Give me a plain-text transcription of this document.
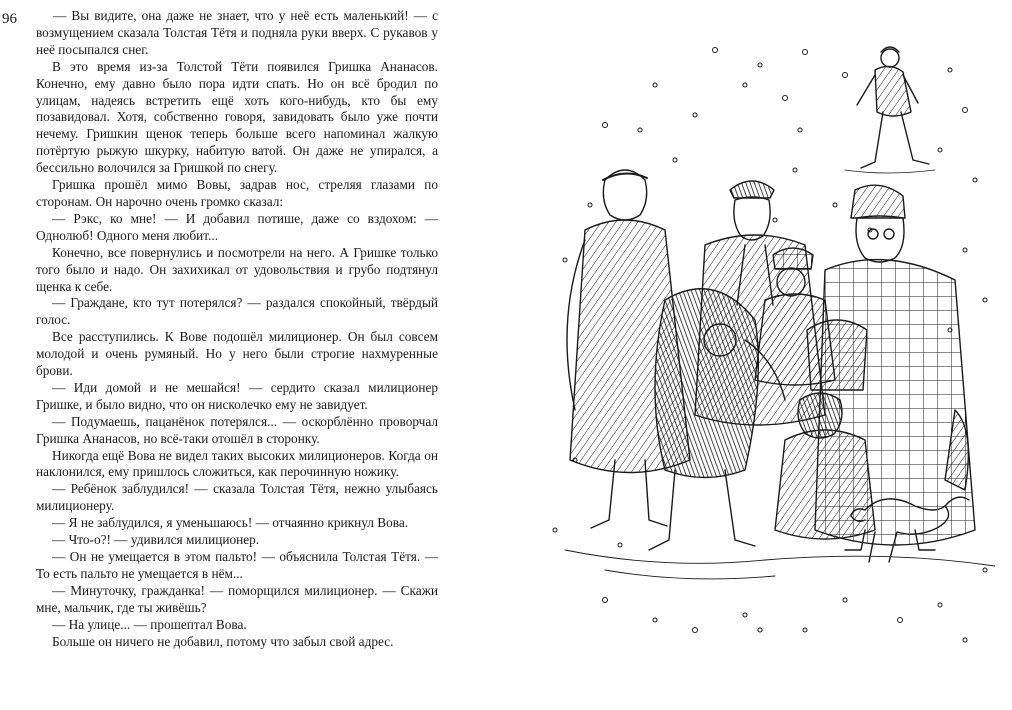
96	— Вы видите, она даже не знает, что у неё есть маленький! — с возмущением сказала Толстая Тётя и подняла руки вверх. С рукавов у неё посыпался снег.

В это время из-за Толстой Тёти появился Гришка Ананасов. Конечно, ему давно было пора идти спать. Но он всё бродил по улицам, надеясь встретить ещё хоть кого-нибудь, кто бы ему позавидовал. Хотя, собственно говоря, завидовать было уже почти нечему. Гришкин щенок теперь больше всего напоминал жалкую потёртую рыжую шкурку, набитую ватой. Он даже не упирался, а бессильно волочился за Гришкой по снегу.

Гришка прошёл мимо Вовы, задрав нос, стреляя глазами по сторонам. Он нарочно очень громко сказал:

— Рэкс, ко мне! — И добавил потише, даже со вздохом: — Однолюб! Одного меня любит...

Конечно, все повернулись и посмотрели на него. А Гришке только того было и надо. Он захихикал от удовольствия и грубо подтянул щенка к себе.

— Граждане, кто тут потерялся? — раздался спокойный, твёрдый голос.

Все расступились. К Вове подошёл милиционер. Он был совсем молодой и очень румяный. Но у него были строгие нахмуренные брови.

— Иди домой и не мешайся! — сердито сказал милиционер Гришке, и было видно, что он нисколечко ему не завидует.

— Подумаешь, пацанёнок потерялся... — оскорблённо проворчал Гришка Ананасов, но всё-таки отошёл в сторонку.

Никогда ещё Вова не видел таких высоких милиционеров. Когда он наклонился, ему пришлось сложиться, как перочинную ножику.

— Ребёнок заблудился! — сказала Толстая Тётя, нежно улыбаясь милиционеру.

— Я не заблудился, я уменьшаюсь! — отчаянно крикнул Вова.

— Что-о?! — удивился милиционер.

— Он не умещается в этом пальто! — объяснила Толстая Тётя. — То есть пальто не умещается в нём...

— Минуточку, гражданка! — поморщился милиционер. — Скажи мне, мальчик, где ты живёшь?

— На улице... — прошептал Вова.

Больше он ничего не добавил, потому что забыл свой адрес.
